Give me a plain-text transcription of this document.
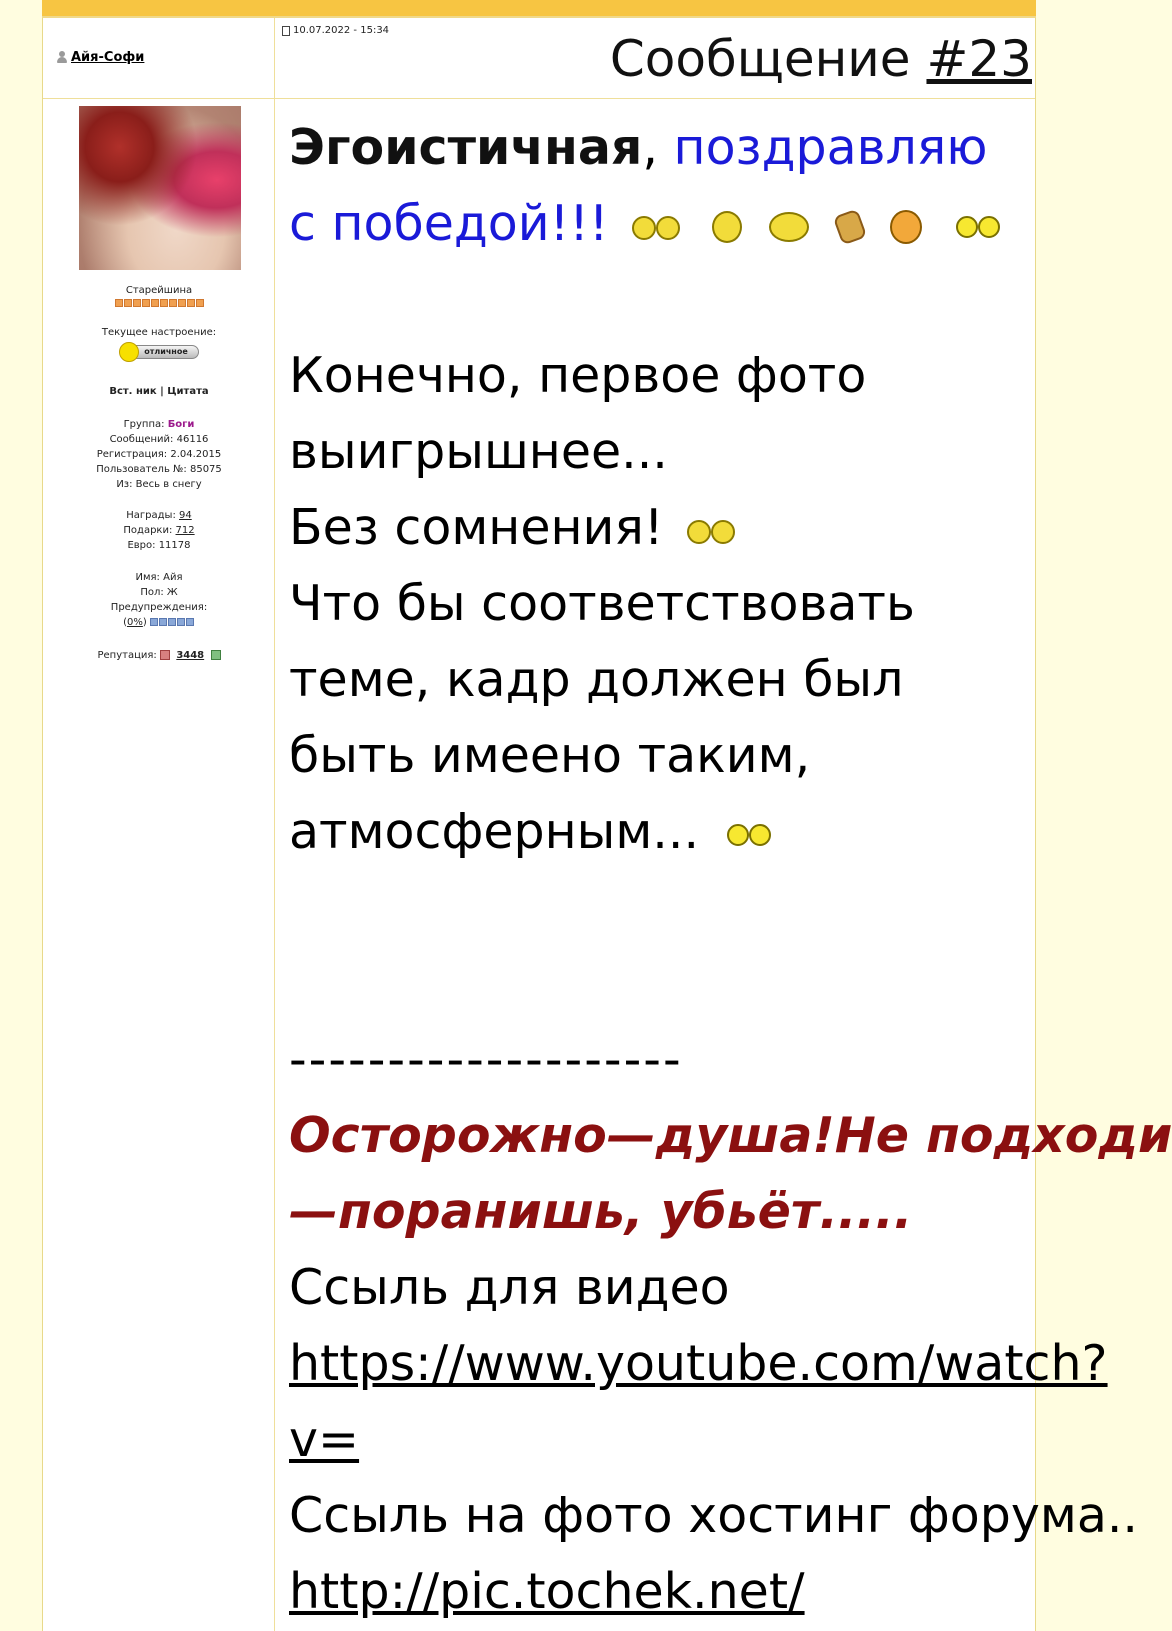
Айя-Софи
10.07.2022 - 15:34	Сообщение #23
Старейшина
Текущее настроение:
отличное
Вст. ник | Цитата
Группа: Боги
Сообщений: 46116
Регистрация: 2.04.2015
Пользователь №: 85075
Из: Весь в снегу
Награды: 94
Подарки: 712
Евро: 11178
Имя: Айя
Пол: Ж
Предупреждения:
(0%)
Репутация:   3448
Эгоистичная, поздравляю
с победой!!!

Конечно, первое фото
выигрышнее...
Без сомнения!
Что бы соответствовать
теме, кадр должен был
быть имеено таким,
атмосферным...

--------------------
Осторожно—душа!Не подходи
—поранишь, убьёт.....
Ссыль для видео
https://www.youtube.com/watch?
v=
Ссыль на фото хостинг форума..
http://pic.tochek.net/
